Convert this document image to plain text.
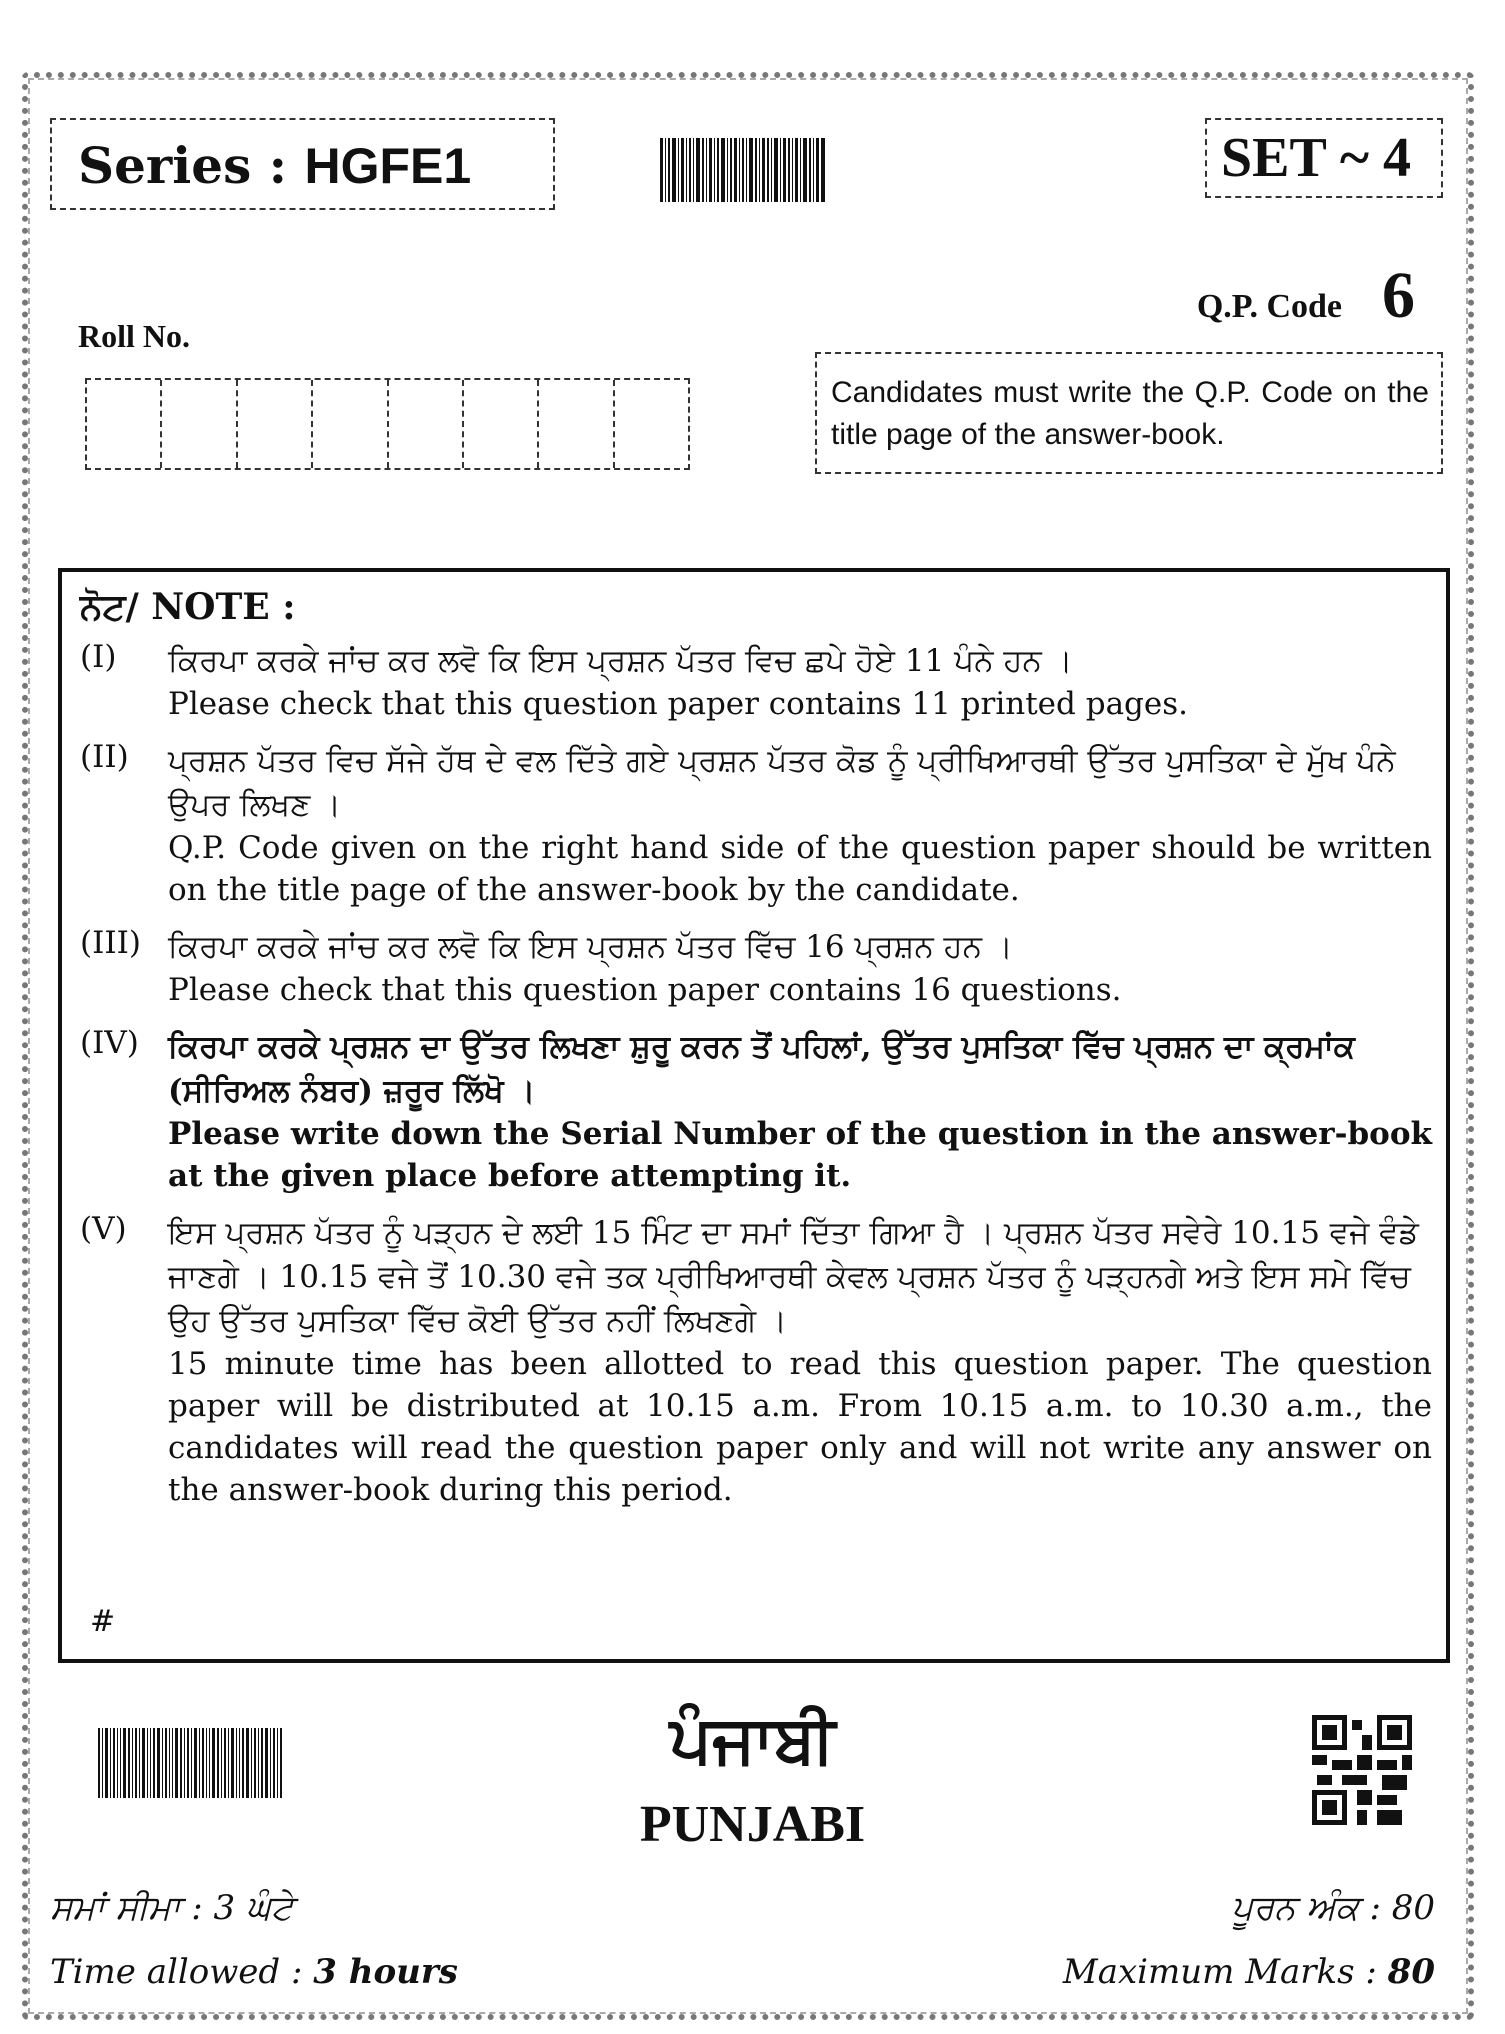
Series : HGFE1	SET ~ 4
Q.P. Code 6
Roll No.
Candidates must write the Q.P. Code on the title page of the answer-book.
ਨੋਟ/ NOTE :
(I)	ਕਿਰਪਾ ਕਰਕੇ ਜਾਂਚ ਕਰ ਲਵੋ ਕਿ ਇਸ ਪ੍ਰਸ਼ਨ ਪੱਤਰ ਵਿਚ ਛਪੇ ਹੋਏ 11 ਪੰਨੇ ਹਨ ।
Please check that this question paper contains 11 printed pages.
(II)	ਪ੍ਰਸ਼ਨ ਪੱਤਰ ਵਿਚ ਸੱਜੇ ਹੱਥ ਦੇ ਵਲ ਦਿੱਤੇ ਗਏ ਪ੍ਰਸ਼ਨ ਪੱਤਰ ਕੋਡ ਨੂੰ ਪ੍ਰੀਖਿਆਰਥੀ ਉੱਤਰ ਪੁਸਤਿਕਾ ਦੇ ਮੁੱਖ ਪੰਨੇ ਉਪਰ ਲਿਖਣ ।
Q.P. Code given on the right hand side of the question paper should be written on the title page of the answer-book by the candidate.
(III) ਕਿਰਪਾ ਕਰਕੇ ਜਾਂਚ ਕਰ ਲਵੋ ਕਿ ਇਸ ਪ੍ਰਸ਼ਨ ਪੱਤਰ ਵਿੱਚ 16 ਪ੍ਰਸ਼ਨ ਹਨ ।
Please check that this question paper contains 16 questions.
(IV) ਕਿਰਪਾ ਕਰਕੇ ਪ੍ਰਸ਼ਨ ਦਾ ਉੱਤਰ ਲਿਖਣਾ ਸ਼ੁਰੂ ਕਰਨ ਤੋਂ ਪਹਿਲਾਂ, ਉੱਤਰ ਪੁਸਤਿਕਾ ਵਿੱਚ ਪ੍ਰਸ਼ਨ ਦਾ ਕ੍ਰਮਾਂਕ (ਸੀਰਿਅਲ ਨੰਬਰ) ਜ਼ਰੂਰ ਲਿੱਖੋ ।
Please write down the Serial Number of the question in the answer-book at the given place before attempting it.
(V)	ਇਸ ਪ੍ਰਸ਼ਨ ਪੱਤਰ ਨੂੰ ਪੜ੍ਹਨ ਦੇ ਲਈ 15 ਮਿੰਟ ਦਾ ਸਮਾਂ ਦਿੱਤਾ ਗਿਆ ਹੈ । ਪ੍ਰਸ਼ਨ ਪੱਤਰ ਸਵੇਰੇ 10.15 ਵਜੇ ਵੰਡੇ ਜਾਣਗੇ । 10.15 ਵਜੇ ਤੋਂ 10.30 ਵਜੇ ਤਕ ਪ੍ਰੀਖਿਆਰਥੀ ਕੇਵਲ ਪ੍ਰਸ਼ਨ ਪੱਤਰ ਨੂੰ ਪੜ੍ਹਨਗੇ ਅਤੇ ਇਸ ਸਮੇ ਵਿੱਚ ਉਹ ਉੱਤਰ ਪੁਸਤਿਕਾ ਵਿੱਚ ਕੋਈ ਉੱਤਰ ਨਹੀਂ ਲਿਖਣਗੇ ।
15 minute time has been allotted to read this question paper. The question paper will be distributed at 10.15 a.m. From 10.15 a.m. to 10.30 a.m., the candidates will read the question paper only and will not write any answer on the answer-book during this period.
#
ਪੰਜਾਬੀ
PUNJABI
ਸਮਾਂ ਸੀਮਾ : 3 ਘੰਟੇ	ਪੂਰਨ ਅੰਕ : 80
Time allowed : 3 hours	Maximum Marks : 80
